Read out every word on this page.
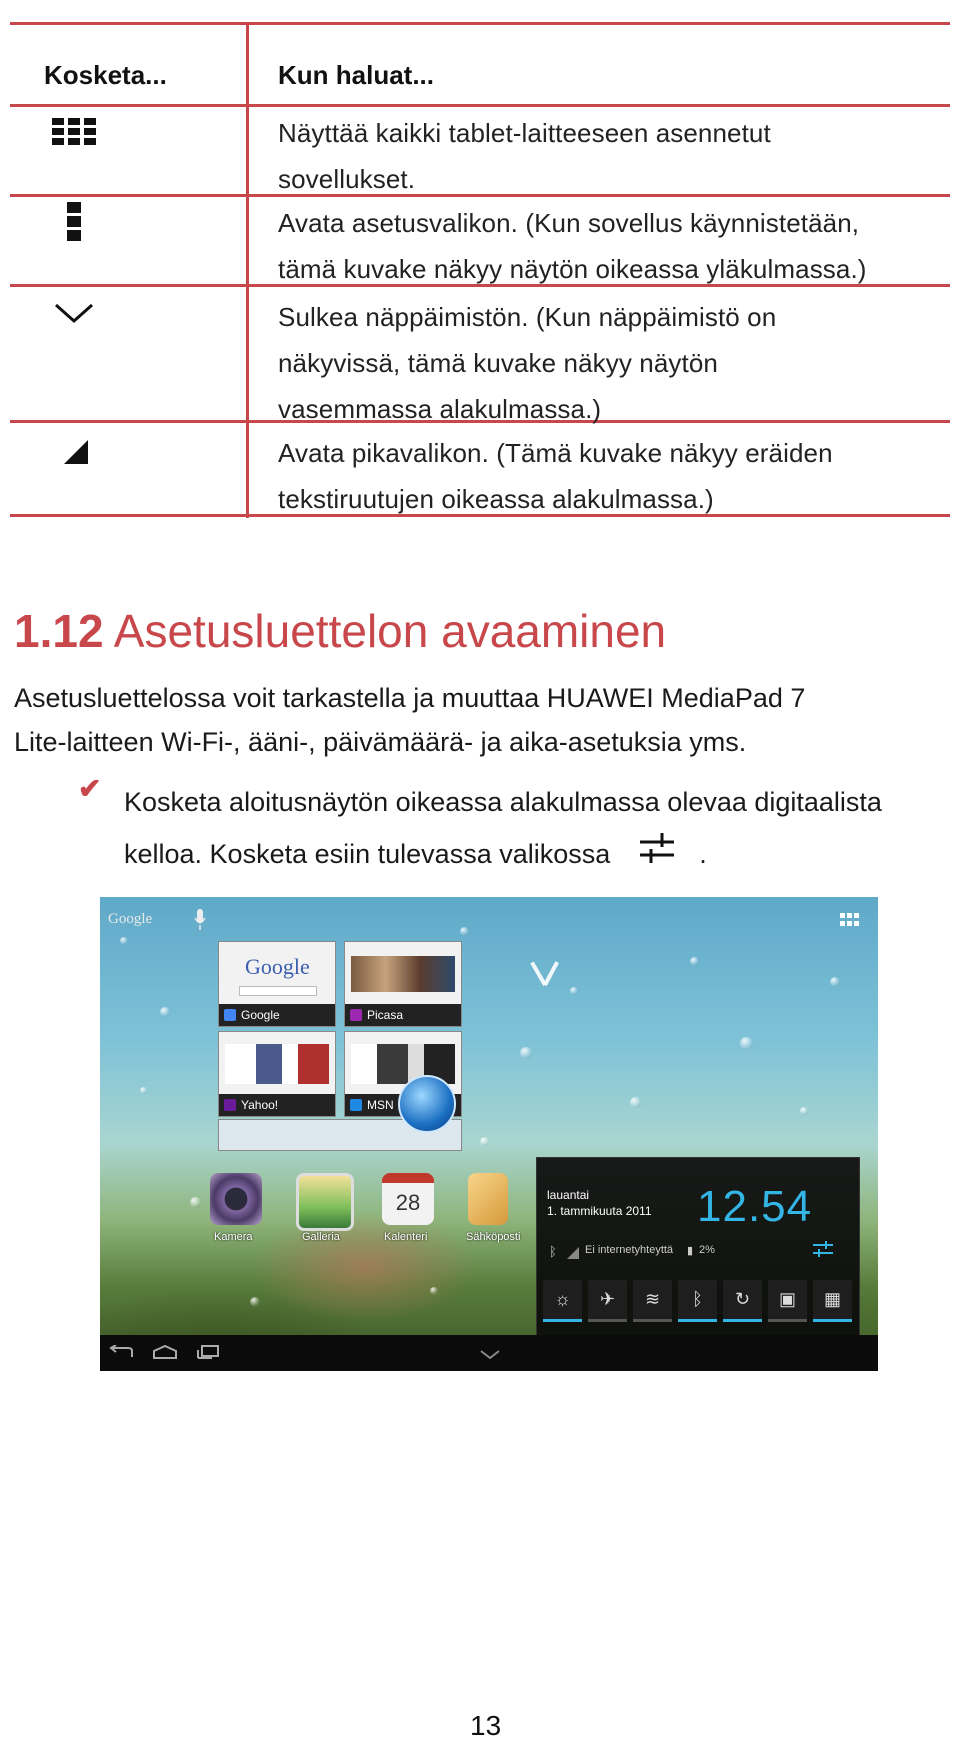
Kosketa...	Kun haluat...
Näyttää kaikki tablet-laitteeseen asennetut
sovellukset.
Avata asetusvalikon. (Kun sovellus käynnistetään,
tämä kuvake näkyy näytön oikeassa yläkulmassa.)
Sulkea näppäimistön. (Kun näppäimistö on
näkyvissä, tämä kuvake näkyy näytön
vasemmassa alakulmassa.)
Avata pikavalikon. (Tämä kuvake näkyy eräiden
tekstiruutujen oikeassa alakulmassa.)
1.12 Asetusluettelon avaaminen
Asetusluettelossa voit tarkastella ja muuttaa HUAWEI MediaPad 7
Lite-laitteen Wi-Fi-, ääni-, päivämäärä- ja aika-asetuksia yms.
✔ Kosketa aloitusnäytön oikeassa alakulmassa olevaa digitaalista
kelloa. Kosketa esiin tulevassa valikossa	.
Google
Google
Google	Picasa
Yahoo!	MSN
Kamera	Galleria
28
Kalenteri	Sähköposti
lauantai
1. tammikuuta 2011 12.54
ᛒ	Ei internetyhteyttä ▮ 2%
☼	✈	≋	ᛒ	↻	▣	▦
13
